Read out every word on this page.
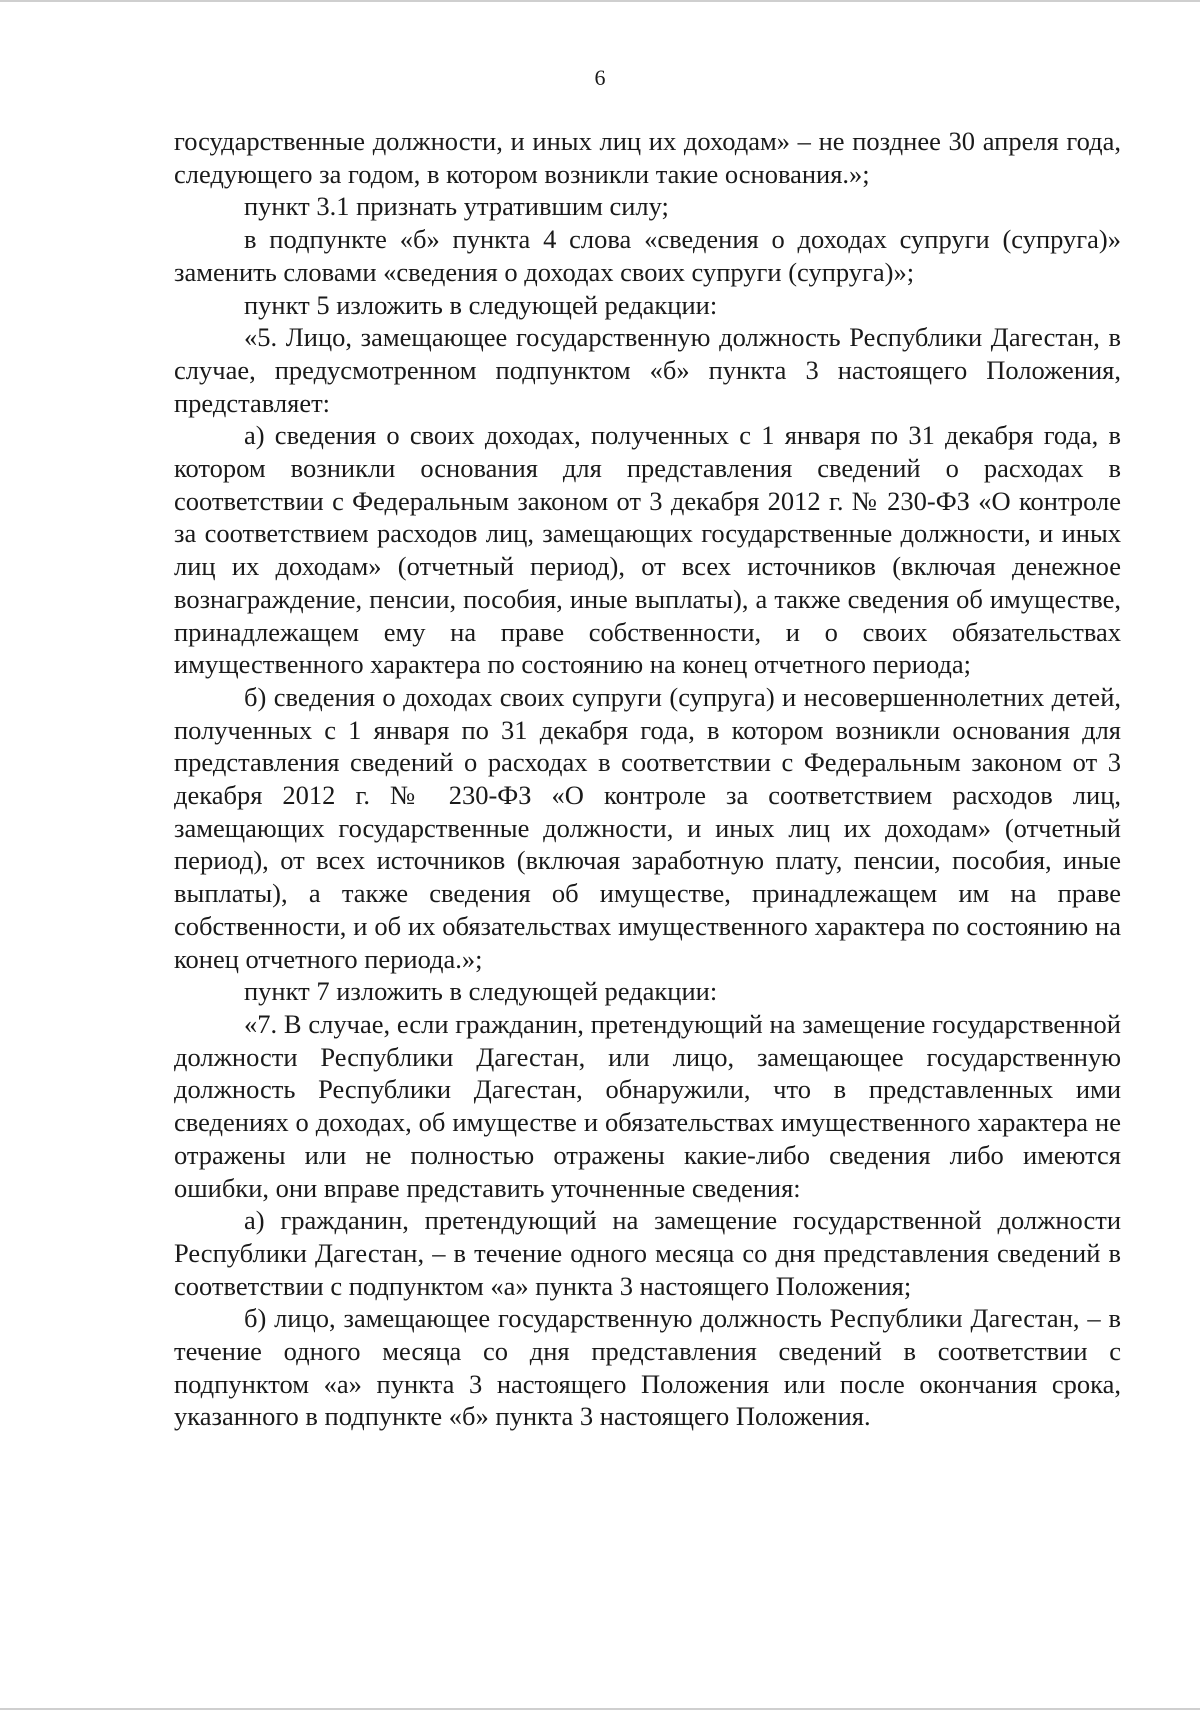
6

государственные должности, и иных лиц их доходам» – не позднее 30 апреля года, следующего за годом, в котором возникли такие основания.»;

пункт 3.1 признать утратившим силу;

в подпункте «б» пункта 4 слова «сведения о доходах супруги (супруга)» заменить словами «сведения о доходах своих супруги (супруга)»;

пункт 5 изложить в следующей редакции:

«5. Лицо, замещающее государственную должность Республики Дагестан, в случае, предусмотренном подпунктом «б» пункта 3 настоящего Положения, представляет:

а) сведения о своих доходах, полученных с 1 января по 31 декабря года, в котором возникли основания для представления сведений о расходах в соответствии с Федеральным законом от 3 декабря 2012 г. № 230-ФЗ «О контроле за соответствием расходов лиц, замещающих государственные должности, и иных лиц их доходам» (отчетный период), от всех источников (включая денежное вознаграждение, пенсии, пособия, иные выплаты), а также сведения об имуществе, принадлежащем ему на праве собственности, и о своих обязательствах имущественного характера по состоянию на конец отчетного периода;

б) сведения о доходах своих супруги (супруга) и несовершеннолетних детей, полученных с 1 января по 31 декабря года, в котором возникли основания для представления сведений о расходах в соответствии с Федеральным законом от 3 декабря 2012 г. № 230-ФЗ «О контроле за соответствием расходов лиц, замещающих государственные должности, и иных лиц их доходам» (отчетный период), от всех источников (включая заработную плату, пенсии, пособия, иные выплаты), а также сведения об имуществе, принадлежащем им на праве собственности, и об их обязательствах имущественного характера по состоянию на конец отчетного периода.»;

пункт 7 изложить в следующей редакции:

«7. В случае, если гражданин, претендующий на замещение государственной должности Республики Дагестан, или лицо, замещающее государственную должность Республики Дагестан, обнаружили, что в представленных ими сведениях о доходах, об имуществе и обязательствах имущественного характера не отражены или не полностью отражены какие-либо сведения либо имеются ошибки, они вправе представить уточненные сведения:

а) гражданин, претендующий на замещение государственной должности Республики Дагестан, – в течение одного месяца со дня представления сведений в соответствии с подпунктом «а» пункта 3 настоящего Положения;

б) лицо, замещающее государственную должность Республики Дагестан, – в течение одного месяца со дня представления сведений в соответствии с подпунктом «а» пункта 3 настоящего Положения или после окончания срока, указанного в подпункте «б» пункта 3 настоящего Положения.
